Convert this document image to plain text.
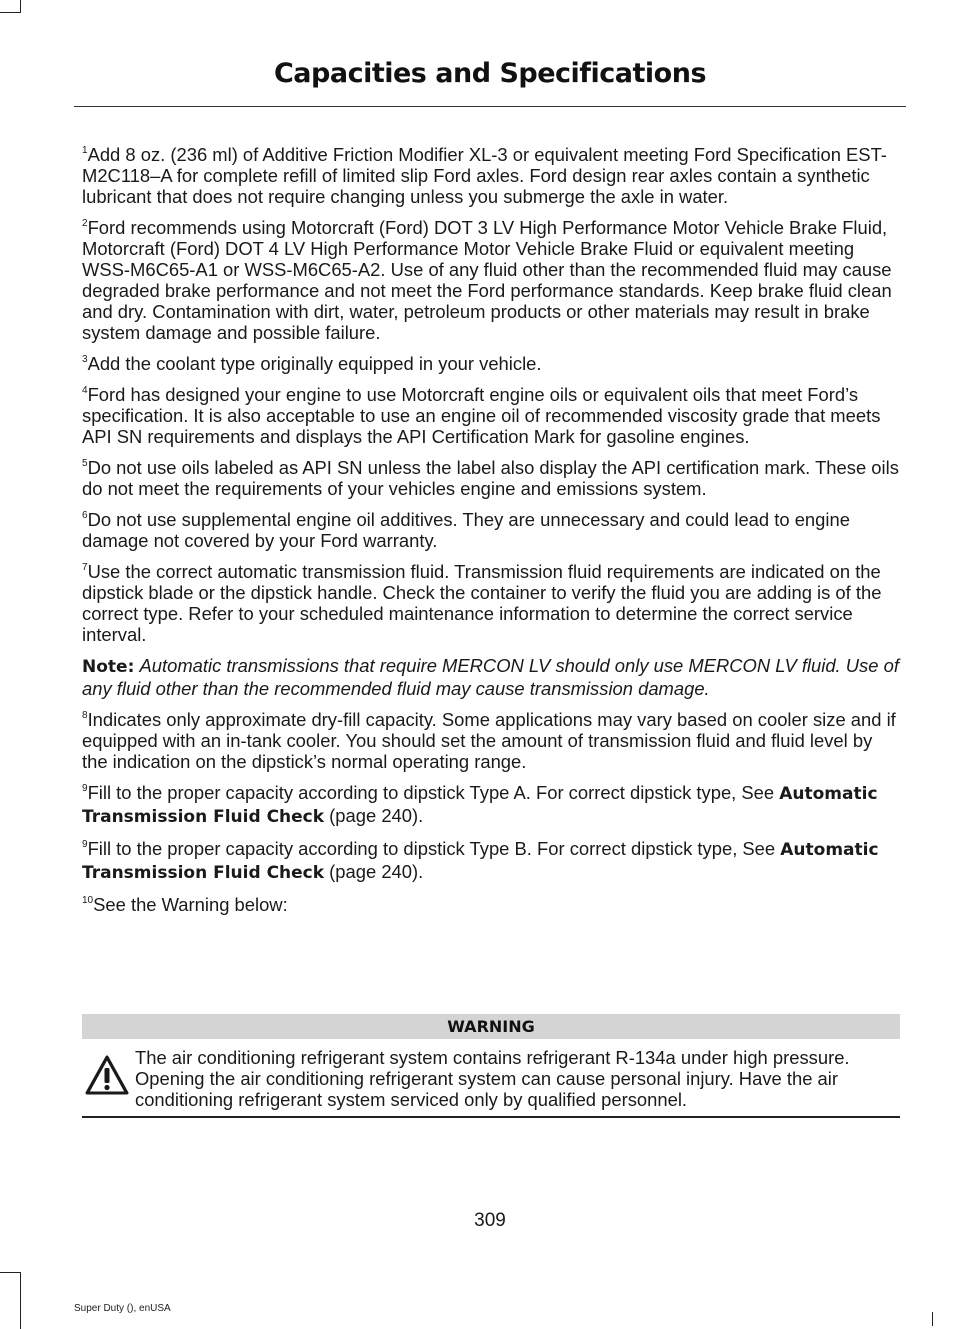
Capacities and Specifications

$^1$Add 8 oz. (236 ml) of Additive Friction Modifier XL-3 or equivalent meeting Ford Specification EST-M2C118–A for complete refill of limited slip Ford axles. Ford design rear axles contain a synthetic lubricant that does not require changing unless you submerge the axle in water.

$^2$Ford recommends using Motorcraft (Ford) DOT 3 LV High Performance Motor Vehicle Brake Fluid, Motorcraft (Ford) DOT 4 LV High Performance Motor Vehicle Brake Fluid or equivalent meeting WSS-M6C65-A1 or WSS-M6C65-A2. Use of any fluid other than the recommended fluid may cause degraded brake performance and not meet the Ford performance standards. Keep brake fluid clean and dry. Contamination with dirt, water, petroleum products or other materials may result in brake system damage and possible failure.

$^3$Add the coolant type originally equipped in your vehicle.

$^4$Ford has designed your engine to use Motorcraft engine oils or equivalent oils that meet Ford’s specification. It is also acceptable to use an engine oil of recommended viscosity grade that meets API SN requirements and displays the API Certification Mark for gasoline engines.

$^5$Do not use oils labeled as API SN unless the label also display the API certification mark. These oils do not meet the requirements of your vehicles engine and emissions system.

$^6$Do not use supplemental engine oil additives. They are unnecessary and could lead to engine damage not covered by your Ford warranty.

$^7$Use the correct automatic transmission fluid. Transmission fluid requirements are indicated on the dipstick blade or the dipstick handle. Check the container to verify the fluid you are adding is of the correct type. Refer to your scheduled maintenance information to determine the correct service interval.

Note: Automatic transmissions that require MERCON LV should only use MERCON LV fluid. Use of any fluid other than the recommended fluid may cause transmission damage.

$^8$Indicates only approximate dry-fill capacity. Some applications may vary based on cooler size and if equipped with an in-tank cooler. You should set the amount of transmission fluid and fluid level by the indication on the dipstick’s normal operating range.

$^9$Fill to the proper capacity according to dipstick Type A. For correct dipstick type, See Automatic Transmission Fluid Check (page 240).

$^9$Fill to the proper capacity according to dipstick Type B. For correct dipstick type, See Automatic Transmission Fluid Check (page 240).

$^{10}$See the Warning below:

WARNING
The air conditioning refrigerant system contains refrigerant R-134a under high pressure. Opening the air conditioning refrigerant system can cause personal injury. Have the air conditioning refrigerant system serviced only by qualified personnel.
309
Super Duty (), enUSA
